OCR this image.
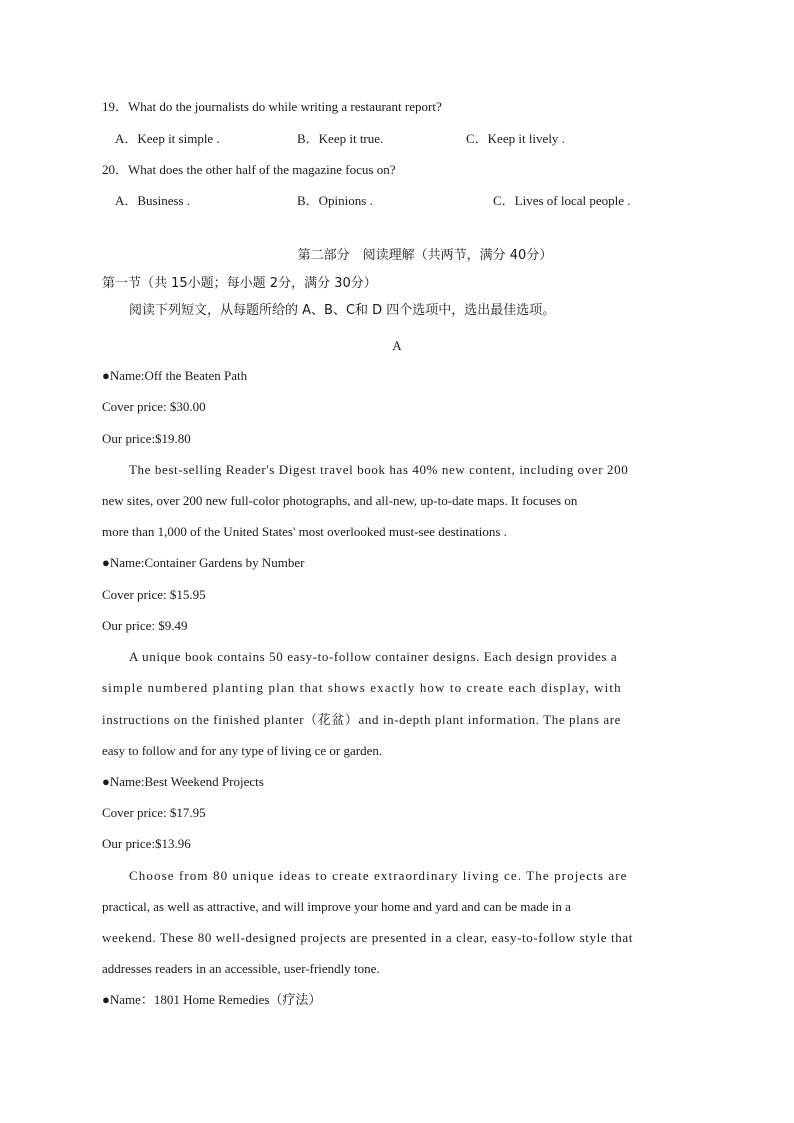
19．What do the journalists do while writing a restaurant report?
A．Keep it simple .	B．Keep it true.	C．Keep it lively .
20．What does the other half of the magazine focus on?
A．Business .	B．Opinions .	C．Lives of local people .
第二部分　阅读理解（共两节，满分 40分）
第一节（共 15小题；每小题 2分，满分 30分）
阅读下列短文，从每题所给的 A、B、C和 D 四个选项中，选出最佳选项。
A
●Name:Off the Beaten Path
Cover price: $30.00
Our price:$19.80
The best-selling Reader's Digest travel book has 40% new content, including over 200
new sites, over 200 new full-color photographs, and all-new, up-to-date maps. It focuses on
more than 1,000 of the United States' most overlooked must-see destinations .
●Name:Container Gardens by Number
Cover price: $15.95
Our price: $9.49
A unique book contains 50 easy-to-follow container designs. Each design provides a
simple numbered planting plan that shows exactly how to create each display, with
instructions on the finished planter（花盆）and in-depth plant information. The plans are
easy to follow and for any type of living ce or garden.
●Name:Best Weekend Projects
Cover price: $17.95
Our price:$13.96
Choose from 80 unique ideas to create extraordinary living ce. The projects are
practical, as well as attractive, and will improve your home and yard and can be made in a
weekend. These 80 well-designed projects are presented in a clear, easy-to-follow style that
addresses readers in an accessible, user-friendly tone.
●Name：1801 Home Remedies（疗法）
